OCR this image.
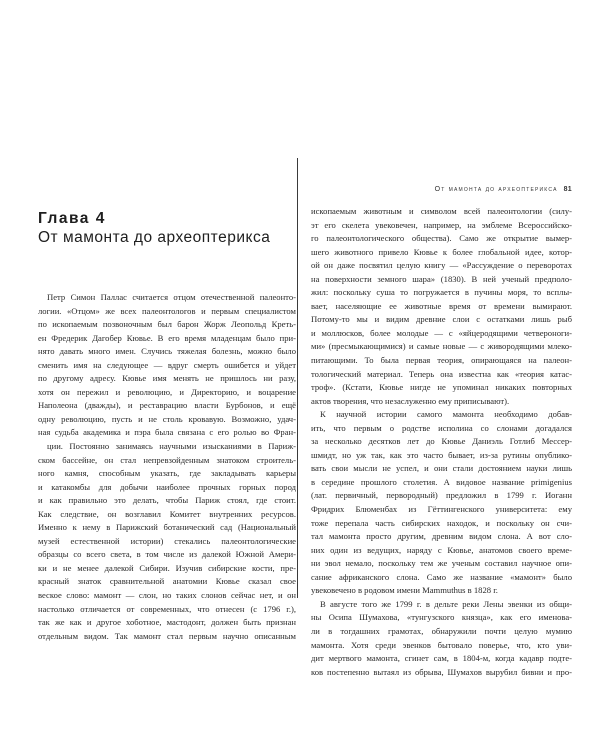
Глава 4
От мамонта до археоптерикса
Петр Симон Паллас считается отцом отечественной палеонто-
логии. «Отцом» же всех палеонтологов и первым специалистом
по ископаемым позвоночным был барон Жорж Леопольд Креть-
ен Фредерик Дагобер Кювье. В его время младенцам было при-
нято давать много имен. Случись тяжелая болезнь, можно было
сменить имя на следующее — вдруг смерть ошибется и уйдет
по другому адресу. Кювье имя менять не пришлось ни разу,
хотя он пережил и революцию, и Директорию, и воцарение
Наполеона (дважды), и реставрацию власти Бурбонов, и ещё
одну революцию, пусть и не столь кровавую. Возможно, удач-
ная судьба академика и пэра была связана с его ролью во Фран-
ции. Постоянно занимаясь научными изысканиями в Париж-
ском бассейне, он стал непревзойденным знатоком строитель-
ного камня, способным указать, где закладывать карьеры
и катакомбы для добычи наиболее прочных горных пород
и как правильно это делать, чтобы Париж стоял, где стоит.
Как следствие, он возглавил Комитет внутренних ресурсов.
Именно к нему в Парижский ботанический сад (Национальный
музей естественной истории) стекались палеонтологические
образцы со всего света, в том числе из далекой Южной Амери-
ки и не менее далекой Сибири. Изучив сибирские кости, пре-
красный знаток сравнительной анатомии Кювье сказал свое
веское слово: мамонт — слон, но таких слонов сейчас нет, и он
настолько отличается от современных, что отнесен (с 1796 г.),
так же как и другое хоботное, мастодонт, должен быть признан
отдельным видом. Так мамонт стал первым научно описанным
От мамонта до археоптерикса 81
ископаемым животным и символом всей палеонтологии (силу-
эт его скелета увековечен, например, на эмблеме Всероссийско-
го палеонтологического общества). Само же открытие вымер-
шего животного привело Кювье к более глобальной идее, котор-
ой он даже посвятил целую книгу — «Рассуждение о переворотах
на поверхности земного шара» (1830). В ней ученый предполо-
жил: поскольку суша то погружается в пучины моря, то всплы-
вает, населяющие ее животные время от времени вымирают.
Потому-то мы и видим древние слои с остатками лишь рыб
и моллюсков, более молодые — с «яйцеродящими четвероноги-
ми» (пресмыкающимися) и самые новые — с живородящими млеко-
питающими. То была первая теория, опирающаяся на палеон-
тологический материал. Теперь она известна как «теория катас-
троф». (Кстати, Кювье нигде не упоминал никаких повторных
актов творения, что незаслуженно ему приписывают).
К научной истории самого мамонта необходимо добав-
ить, что первым о родстве исполина со слонами догадался
за несколько десятков лет до Кювье Даниэль Готлиб Мессер-
шмидт, но уж так, как это часто бывает, из-за рутины опублико-
вать свои мысли не успел, и они стали достоянием науки лишь
в середине прошлого столетия. А видовое название primigenius
(лат. первичный, первородный) предложил в 1799 г. Иоганн
Фридрих Блюменбах из Гёттингенского университета: ему
тоже перепала часть сибирских находок, и поскольку он счи-
тал мамонта просто другим, древним видом слона. А вот сло-
них один из ведущих, наряду с Кювье, анатомов своего време-
ни эвол немало, поскольку тем же ученым составил научное опи-
сание африканского слона. Само же название «мамонт» было
увековечено в родовом имени Mammuthus в 1828 г.
В августе того же 1799 г. в дельте реки Лены эвенки из общи-
ны Осипа Шумахова, «тунгузского князца», как его именова-
ли в тогдашних грамотах, обнаружили почти целую мумию
мамонта. Хотя среди эвенков бытовало поверье, что, кто уви-
дит мертвого мамонта, сгинет сам, в 1804-м, когда кадавр подте-
ков постепенно вытаял из обрыва, Шумахов вырубил бивни и про-
